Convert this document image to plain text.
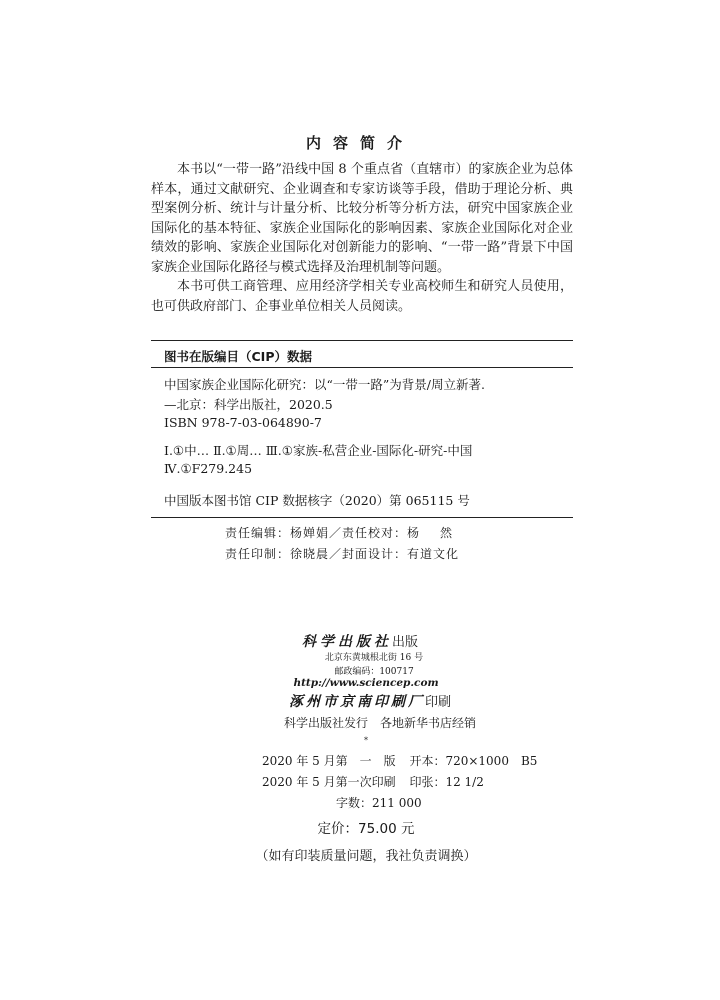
内容简介

本书以“一带一路”沿线中国 8 个重点省（直辖市）的家族企业为总体样本，通过文献研究、企业调查和专家访谈等手段，借助于理论分析、典型案例分析、统计与计量分析、比较分析等分析方法，研究中国家族企业国际化的基本特征、家族企业国际化的影响因素、家族企业国际化对企业绩效的影响、家族企业国际化对创新能力的影响、“一带一路”背景下中国家族企业国际化路径与模式选择及治理机制等问题。

本书可供工商管理、应用经济学相关专业高校师生和研究人员使用，也可供政府部门、企事业单位相关人员阅读。

图书在版编目（CIP）数据
中国家族企业国际化研究：以“一带一路”为背景/周立新著.
—北京：科学出版社，2020.5
ISBN 978-7-03-064890-7
Ⅰ.①中… Ⅱ.①周… Ⅲ.①家族-私营企业-国际化-研究-中国
Ⅳ.①F279.245
中国版本图书馆 CIP 数据核字（2020）第 065115 号
责任编辑：杨婵娟／责任校对：杨 然
责任印制：徐晓晨／封面设计：有道文化
科学出版社出版
北京东黄城根北街 16 号
邮政编码：100717
http://www.sciencep.com
涿州市京南印刷厂印刷
科学出版社发行　各地新华书店经销
*
2020 年 5 月第　一　版 开本：720×1000　B5
2020 年 5 月第一次印刷 印张：12 1/2
字数：211 000
定价：75.00 元
（如有印装质量问题，我社负责调换）
